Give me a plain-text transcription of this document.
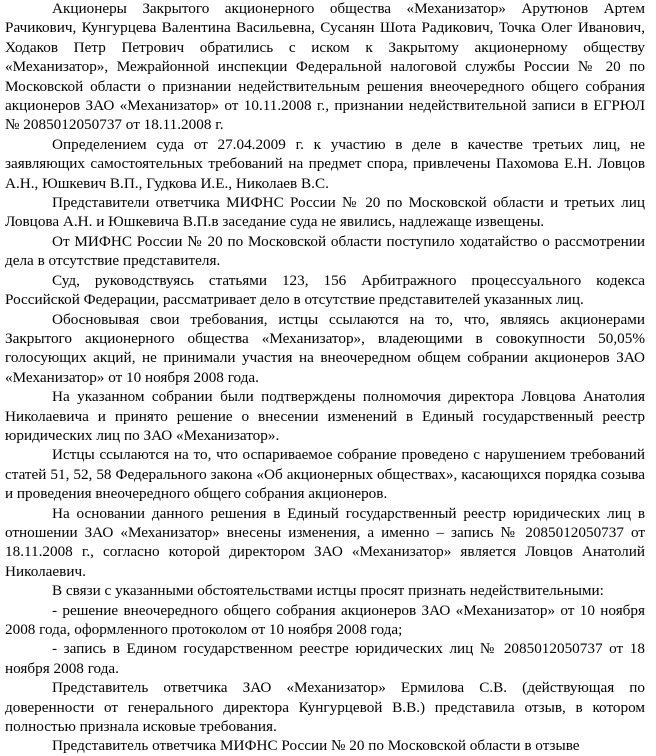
Акционеры Закрытого акционерного общества «Механизатор» Арутюнов Артем Рачикович, Кунгурцева Валентина Васильевна, Сусанян Шота Радикович, Точка Олег Иванович, Ходаков Петр Петрович обратились с иском к Закрытому акционерному обществу «Механизатор», Межрайонной инспекции Федеральной налоговой службы России № 20 по Московской области о признании недействительным решения внеочередного общего собрания акционеров ЗАО «Механизатор» от 10.11.2008 г., признании недействительной записи в ЕГРЮЛ № 2085012050737 от 18.11.2008 г.

Определением суда от 27.04.2009 г. к участию в деле в качестве третьих лиц, не заявляющих самостоятельных требований на предмет спора, привлечены Пахомова Е.Н. Ловцов А.Н., Юшкевич В.П., Гудкова И.Е., Николаев В.С.

Представители ответчика МИФНС России № 20 по Московской области и третьих лиц Ловцова А.Н. и Юшкевича В.П.в заседание суда не явились, надлежаще извещены.

От МИФНС России № 20 по Московской области поступило ходатайство о рассмотрении дела в отсутствие представителя.

Суд, руководствуясь статьями 123, 156 Арбитражного процессуального кодекса Российской Федерации, рассматривает дело в отсутствие представителей указанных лиц.

Обосновывая свои требования, истцы ссылаются на то, что, являясь акционерами Закрытого акционерного общества «Механизатор», владеющими в совокупности 50,05% голосующих акций, не принимали участия на внеочередном общем собрании акционеров ЗАО «Механизатор» от 10 ноября 2008 года.

На указанном собрании были подтверждены полномочия директора Ловцова Анатолия Николаевича и принято решение о внесении изменений в Единый государственный реестр юридических лиц по ЗАО «Механизатор».

Истцы ссылаются на то, что оспариваемое собрание проведено с нарушением требований статей 51, 52, 58 Федерального закона «Об акционерных обществах», касающихся порядка созыва и проведения внеочередного общего собрания акционеров.

На основании данного решения в Единый государственный реестр юридических лиц в отношении ЗАО «Механизатор» внесены изменения, а именно – запись № 2085012050737 от 18.11.2008 г., согласно которой директором ЗАО «Механизатор» является Ловцов Анатолий Николаевич.

В связи с указанными обстоятельствами истцы просят признать недействительными:

- решение внеочередного общего собрания акционеров ЗАО «Механизатор» от 10 ноября 2008 года, оформленного протоколом от 10 ноября 2008 года;

- запись в Едином государственном реестре юридических лиц № 2085012050737 от 18 ноября 2008 года.

Представитель ответчика ЗАО «Механизатор» Ермилова С.В. (действующая по доверенности от генерального директора Кунгурцевой В.В.) представила отзыв, в котором полностью признала исковые требования.

Представитель ответчика МИФНС России № 20 по Московской области в отзыве
